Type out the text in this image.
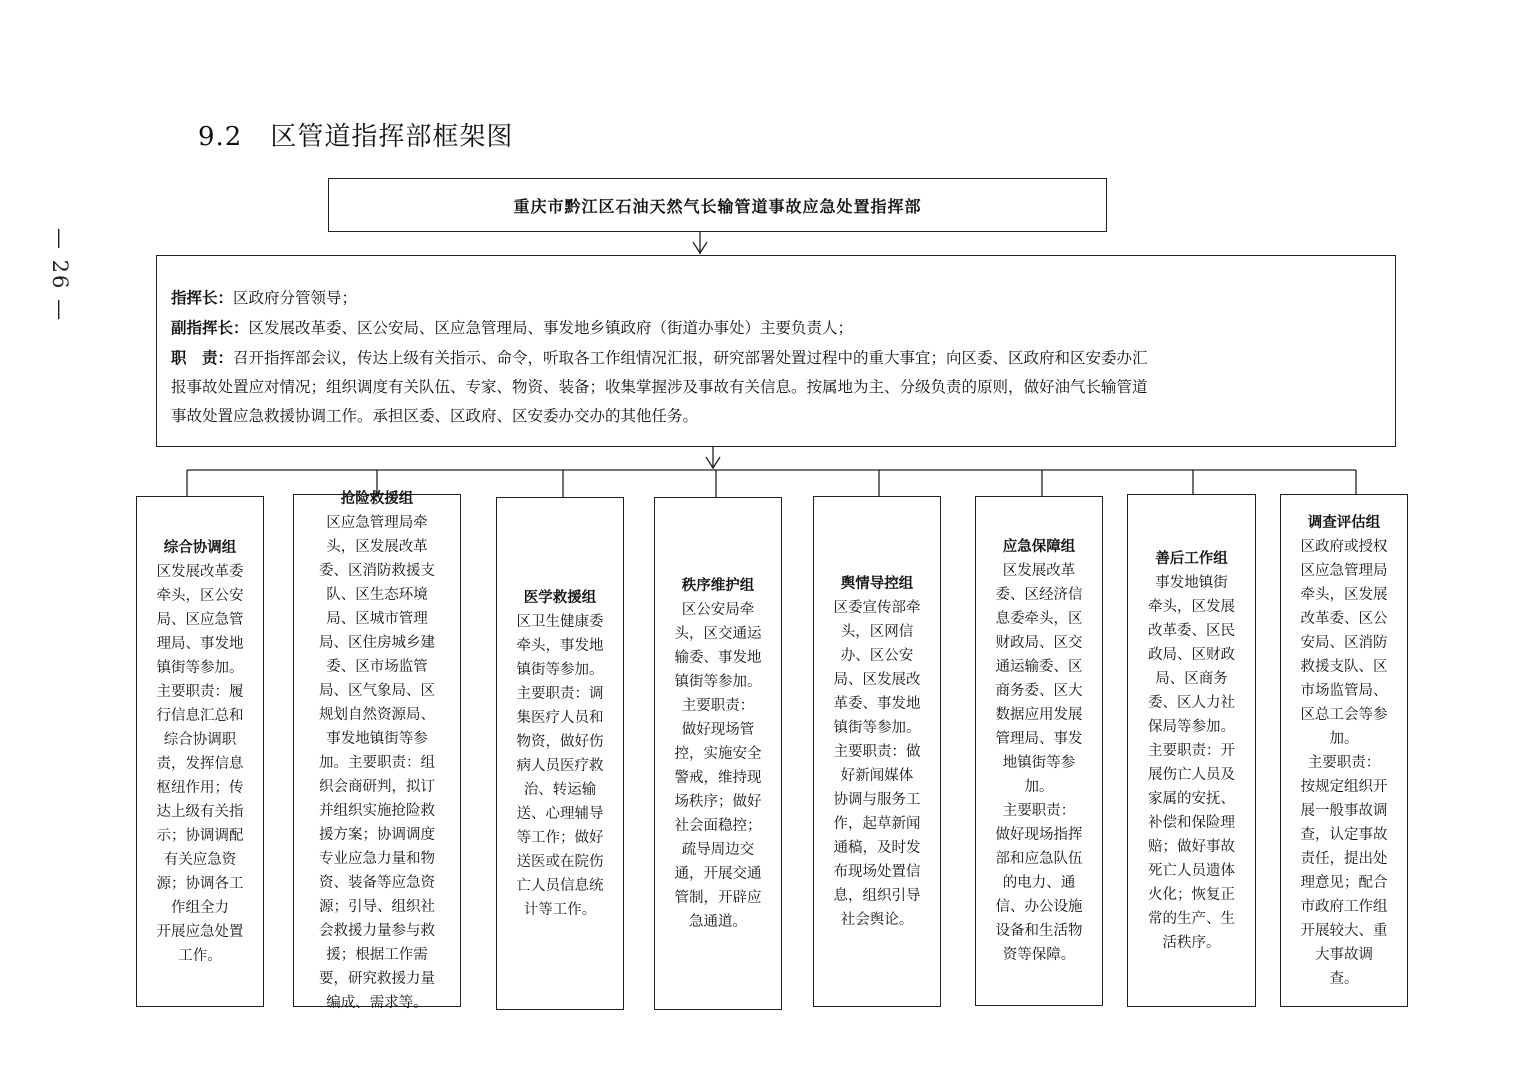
9.2 区管道指挥部框架图
— 26 —
重庆市黔江区石油天然气长输管道事故应急处置指挥部
指挥长：区政府分管领导；
副指挥长：区发展改革委、区公安局、区应急管理局、事发地乡镇政府（街道办事处）主要负责人；
职　责：召开指挥部会议，传达上级有关指示、命令，听取各工作组情况汇报，研究部署处置过程中的重大事宜；向区委、区政府和区安委办汇
报事故处置应对情况；组织调度有关队伍、专家、物资、装备；收集掌握涉及事故有关信息。按属地为主、分级负责的原则，做好油气长输管道
事故处置应急救援协调工作。承担区委、区政府、区安委办交办的其他任务。
综合协调组
区发展改革委
牵头，区公安
局、区应急管
理局、事发地
镇街等参加。
主要职责：履
行信息汇总和
综合协调职
责，发挥信息
枢纽作用；传
达上级有关指
示；协调调配
有关应急资
源；协调各工
作组全力
开展应急处置
工作。
抢险救援组
区应急管理局牵
头，区发展改革
委、区消防救援支
队、区生态环境
局、区城市管理
局、区住房城乡建
委、区市场监管
局、区气象局、区
规划自然资源局、
事发地镇街等参
加。主要职责：组
织会商研判，拟订
并组织实施抢险救
援方案；协调调度
专业应急力量和物
资、装备等应急资
源；引导、组织社
会救援力量参与救
援；根据工作需
要，研究救援力量
编成、需求等。
医学救援组
区卫生健康委
牵头，事发地
镇街等参加。
主要职责：调
集医疗人员和
物资，做好伤
病人员医疗救
治、转运输
送、心理辅导
等工作；做好
送医或在院伤
亡人员信息统
计等工作。
秩序维护组
区公安局牵
头，区交通运
输委、事发地
镇街等参加。
主要职责：
做好现场管
控，实施安全
警戒，维持现
场秩序；做好
社会面稳控；
疏导周边交
通，开展交通
管制，开辟应
急通道。
舆情导控组
区委宣传部牵
头，区网信
办、区公安
局、区发展改
革委、事发地
镇街等参加。
主要职责：做
好新闻媒体
协调与服务工
作，起草新闻
通稿，及时发
布现场处置信
息，组织引导
社会舆论。
应急保障组
区发展改革
委、区经济信
息委牵头，区
财政局、区交
通运输委、区
商务委、区大
数据应用发展
管理局、事发
地镇街等参
加。
主要职责：
做好现场指挥
部和应急队伍
的电力、通
信、办公设施
设备和生活物
资等保障。
善后工作组
事发地镇街
牵头，区发展
改革委、区民
政局、区财政
局、区商务
委、区人力社
保局等参加。
主要职责：开
展伤亡人员及
家属的安抚、
补偿和保险理
赔；做好事故
死亡人员遗体
火化；恢复正
常的生产、生
活秩序。
调查评估组
区政府或授权
区应急管理局
牵头，区发展
改革委、区公
安局、区消防
救援支队、区
市场监管局、
区总工会等参
加。
主要职责：
按规定组织开
展一般事故调
查，认定事故
责任，提出处
理意见；配合
市政府工作组
开展较大、重
大事故调
查。
